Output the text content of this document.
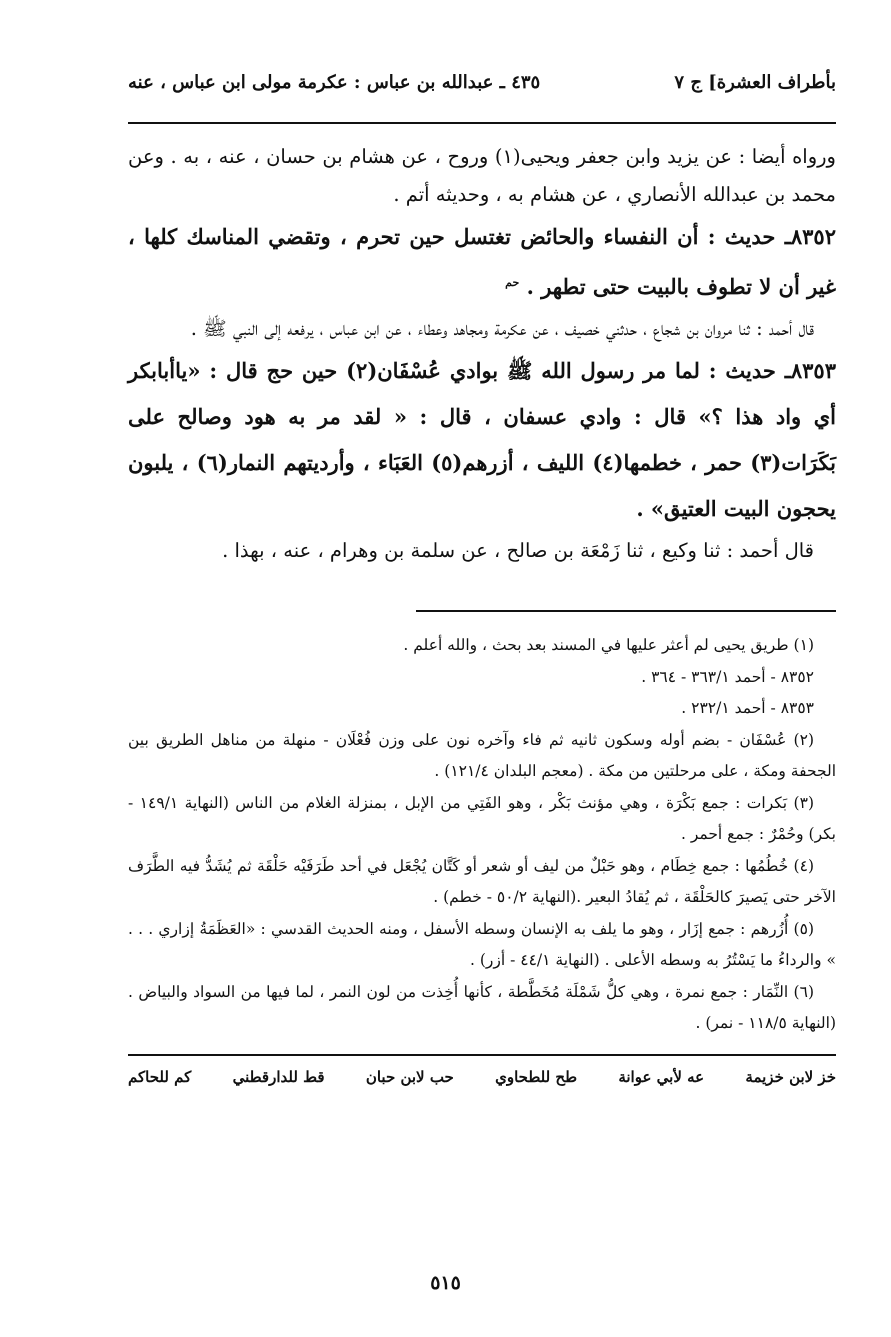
بأطراف العشرة] ج ٧
٤٣٥ ـ عبدالله بن عباس : عكرمة مولى ابن عباس ، عنه

ورواه أيضا : عن يزيد وابن جعفر ويحيى(١) وروح ، عن هشام بن حسان ، عنه ، به . وعن محمد بن عبدالله الأنصاري ، عن هشام به ، وحديثه أتم .

٨٣٥٢ـ حديث : أن النفساء والحائض تغتسل حين تحرم ، وتقضي المناسك كلها ، غير أن لا تطوف بالبيت حتى تطهر . $^{حم}$

قال أحمد : ثنا مروان بن شجاع ، حدثني خصيف ، عن عكرمة ومجاهد وعطاء ، عن ابن عباس ، يرفعه إلى النبي ﷺ .

٨٣٥٣ـ حديث : لما مر رسول الله ﷺ بوادي عُسْفَان(٢) حين حج قال : «ياأبابكر أي واد هذا ؟» قال : وادي عسفان ، قال : « لقد مر به هود وصالح على بَكَرَات(٣) حمر ، خطمها(٤) الليف ، أزرهم(٥) العَبَاء ، وأرديتهم النمار(٦) ، يلبون يحجون البيت العتيق» .

قال أحمد : ثنا وكيع ، ثنا زَمْعَة بن صالح ، عن سلمة بن وهرام ، عنه ، بهذا .

(١) طريق يحيى لم أعثر عليها في المسند بعد بحث ، والله أعلم .

٨٣٥٢ - أحمد ٣٦٣/١ - ٣٦٤ .

٨٣٥٣ - أحمد ٢٣٢/١ .

(٢) عُسْفَان - بضم أوله وسكون ثانيه ثم فاء وآخره نون على وزن فُعْلَان - منهلة من مناهل الطريق بين الجحفة ومكة ، على مرحلتين من مكة . (معجم البلدان ١٢١/٤) .

(٣) بَكرات : جمع بَكْرَة ، وهي مؤنث بَكْر ، وهو الفَتِي من الإبل ، بمنزلة الغلام من الناس (النهاية ١٤٩/١ - بكر) وحُمْرٌ : جمع أحمر .

(٤) خُطُمُها : جمع خِطَام ، وهو حَبْلٌ من ليف أو شعر أو كَتَّان يُجْعَل في أحد طَرَفَيْه حَلْقَة ثم يُشَدُّ فيه الطَّرَف الآخر حتى يَصيرَ كالحَلْقَة ، ثم يُقادُ البعير .(النهاية ٥٠/٢ - خطم) .

(٥) أُزُرهم : جمع إزَار ، وهو ما يلف به الإنسان وسطه الأسفل ، ومنه الحديث القدسي : «العَظَمَةُ إزاري . . . » والرداءُ ما يَسْتُرُ به وسطه الأعلى . (النهاية ٤٤/١ - أزر) .

(٦) النِّمَار : جمع نمرة ، وهي كلُّ شَمْلَة مُخَطَّطة ، كأنها أُخِذت من لون النمر ، لما فيها من السواد والبياض . (النهاية ١١٨/٥ - نمر) .

خز لابن خزيمة
عه لأبي عوانة
طح للطحاوي
حب لابن حبان
قط للدارقطني
كم للحاكم
٥١٥
